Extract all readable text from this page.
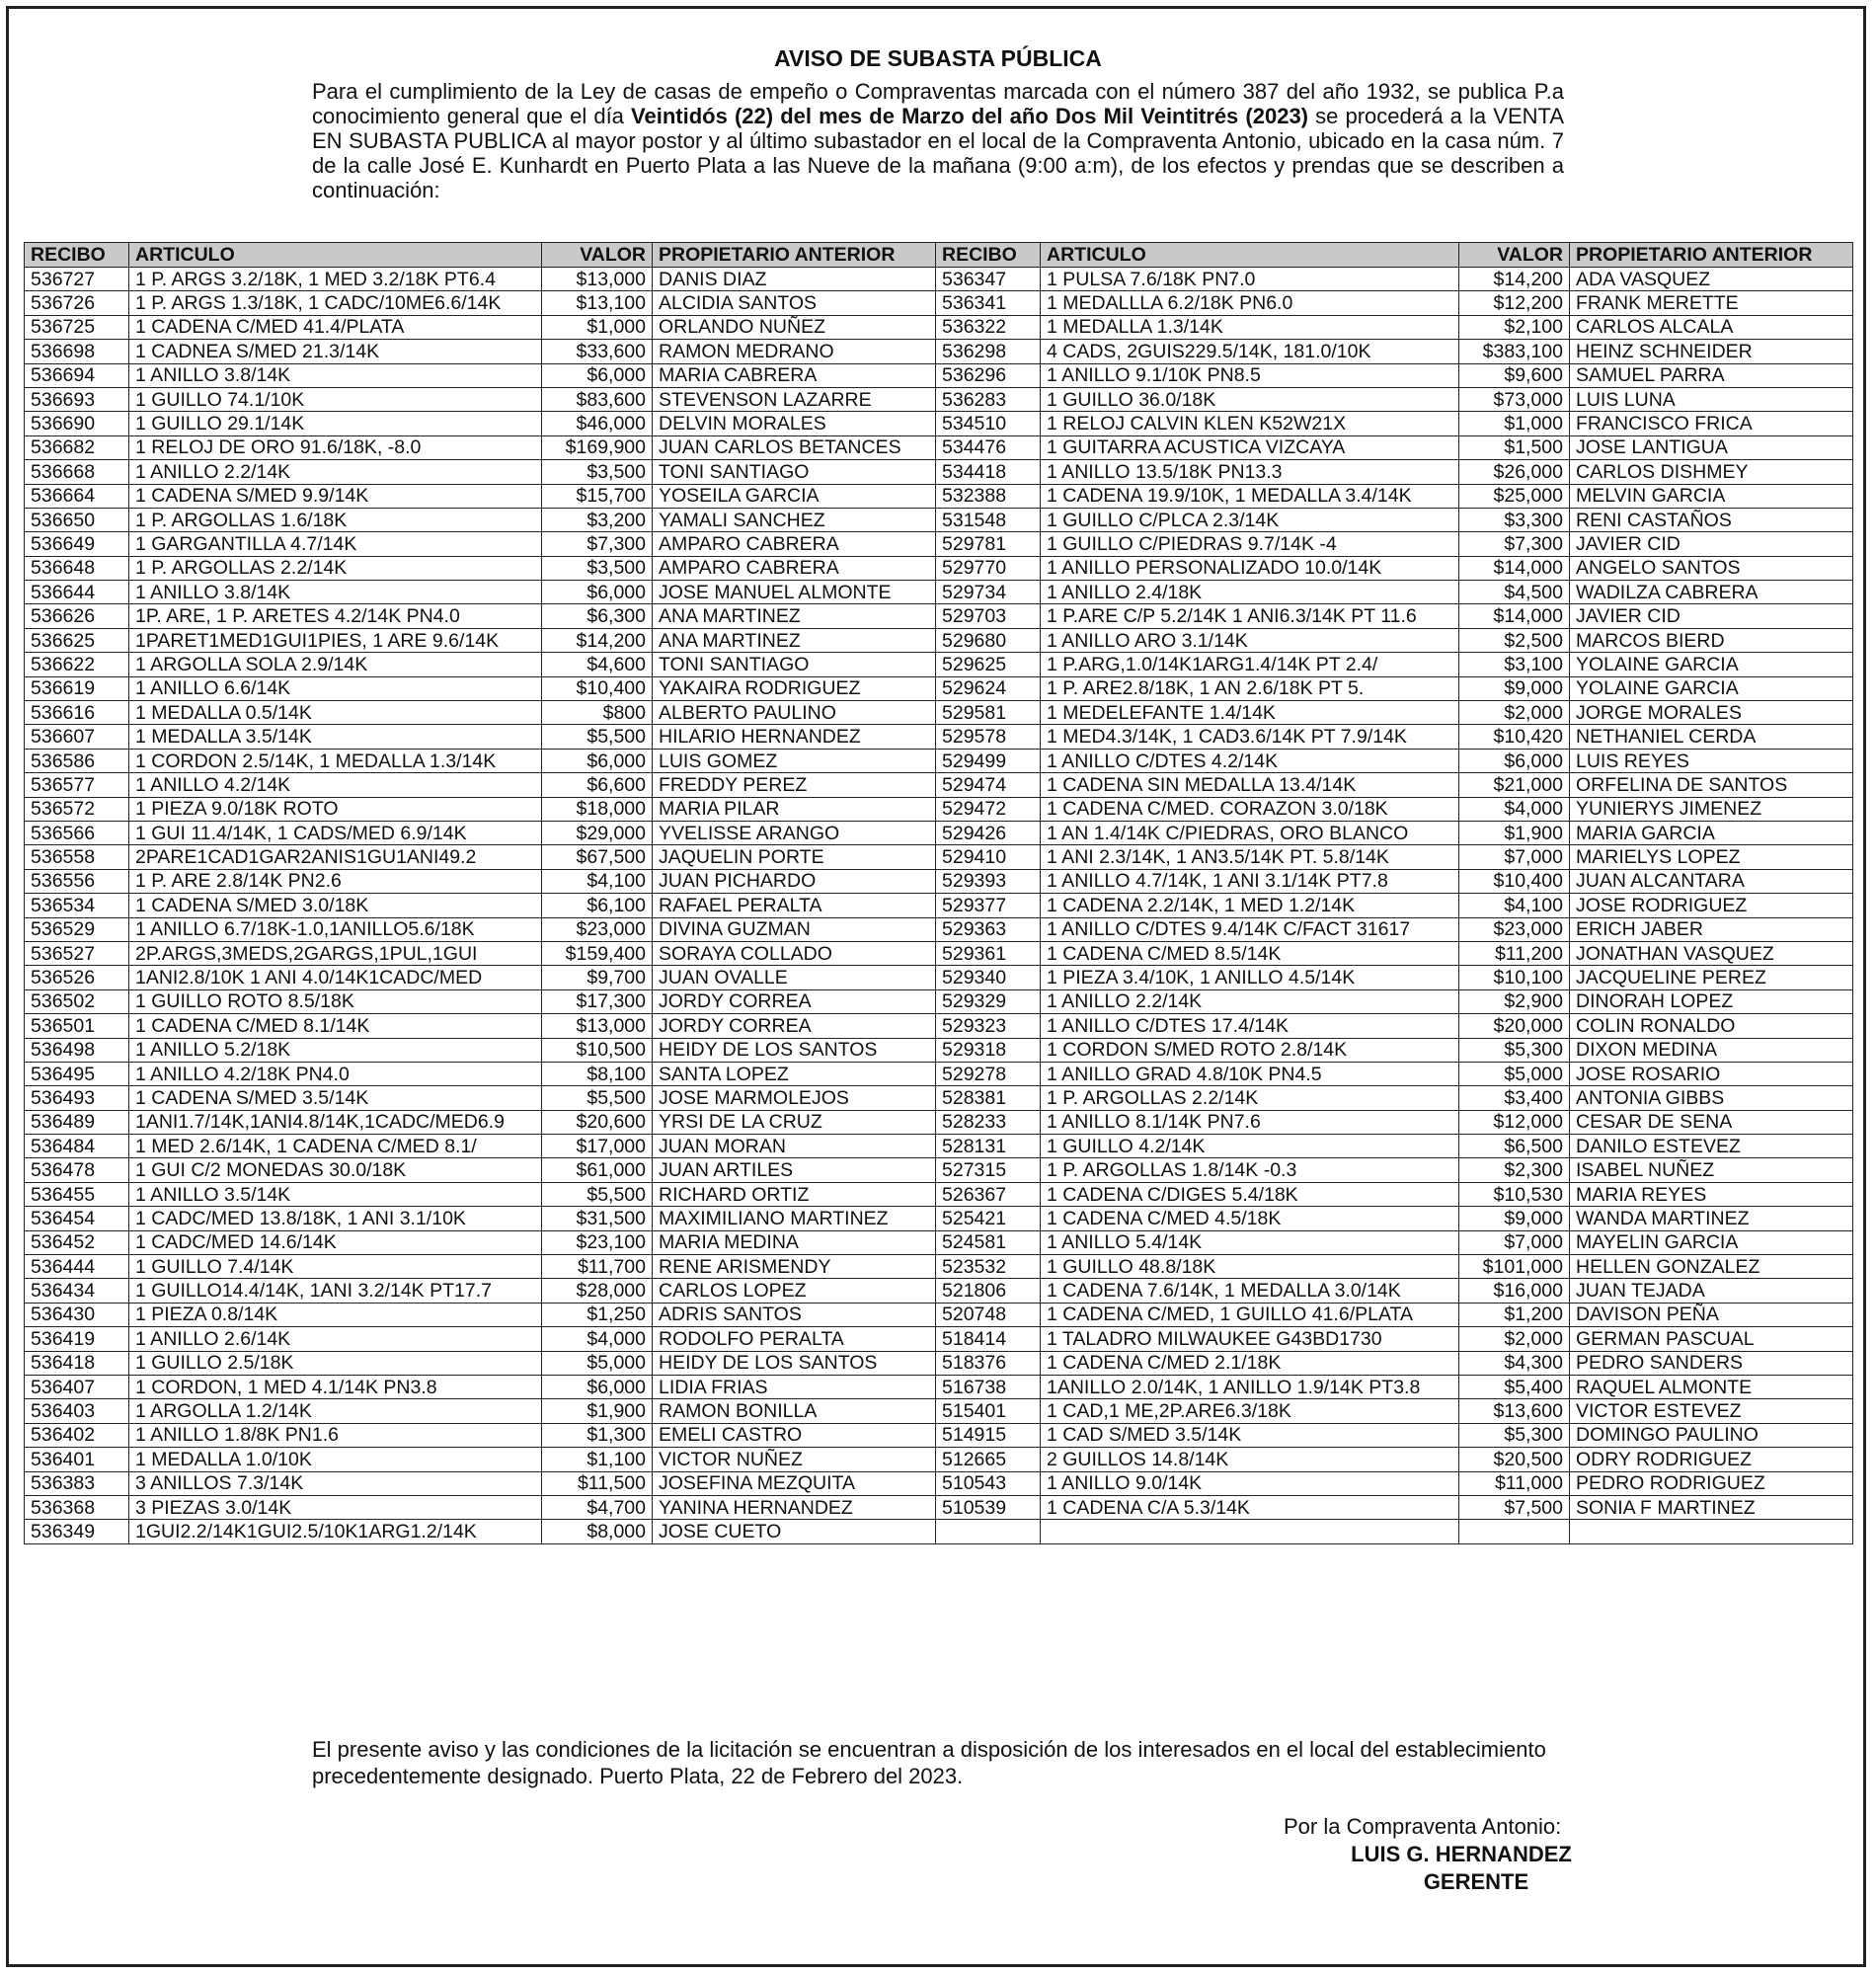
AVISO DE SUBASTA PÚBLICA
Para el cumplimiento de la Ley de casas de empeño o Compraventas marcada con el número 387 del año 1932, se publica P.a conocimiento general que el día Veintidós (22) del mes de Marzo del año Dos Mil Veintitrés (2023) se procederá a la VENTA EN SUBASTA PUBLICA al mayor postor y al último subastador en el local de la Compraventa Antonio, ubicado en la casa núm. 7 de la calle José E. Kunhardt en Puerto Plata a las Nueve de la mañana (9:00 a:m), de los efectos y prendas que se describen a continuación:
RECIBO	ARTICULO	VALOR	PROPIETARIO ANTERIOR	RECIBO	ARTICULO	VALOR	PROPIETARIO ANTERIOR
536727	1 P. ARGS 3.2/18K, 1 MED 3.2/18K PT6.4	$13,000	DANIS DIAZ	536347	1 PULSA 7.6/18K PN7.0	$14,200	ADA VASQUEZ
536726	1 P. ARGS 1.3/18K, 1 CADC/10ME6.6/14K	$13,100	ALCIDIA SANTOS	536341	1 MEDALLLA 6.2/18K PN6.0	$12,200	FRANK MERETTE
536725	1 CADENA C/MED 41.4/PLATA	$1,000	ORLANDO NUÑEZ	536322	1 MEDALLA 1.3/14K	$2,100	CARLOS ALCALA
536698	1 CADNEA S/MED 21.3/14K	$33,600	RAMON MEDRANO	536298	4 CADS, 2GUIS229.5/14K, 181.0/10K	$383,100	HEINZ SCHNEIDER
536694	1 ANILLO 3.8/14K	$6,000	MARIA CABRERA	536296	1 ANILLO 9.1/10K PN8.5	$9,600	SAMUEL PARRA
536693	1 GUILLO 74.1/10K	$83,600	STEVENSON LAZARRE	536283	1 GUILLO 36.0/18K	$73,000	LUIS LUNA
536690	1 GUILLO 29.1/14K	$46,000	DELVIN MORALES	534510	1 RELOJ CALVIN KLEN K52W21X	$1,000	FRANCISCO FRICA
536682	1 RELOJ DE ORO 91.6/18K, -8.0	$169,900	JUAN CARLOS BETANCES	534476	1 GUITARRA ACUSTICA VIZCAYA	$1,500	JOSE LANTIGUA
536668	1 ANILLO 2.2/14K	$3,500	TONI SANTIAGO	534418	1 ANILLO 13.5/18K PN13.3	$26,000	CARLOS DISHMEY
536664	1 CADENA S/MED 9.9/14K	$15,700	YOSEILA GARCIA	532388	1 CADENA 19.9/10K, 1 MEDALLA 3.4/14K	$25,000	MELVIN GARCIA
536650	1 P. ARGOLLAS 1.6/18K	$3,200	YAMALI SANCHEZ	531548	1 GUILLO C/PLCA 2.3/14K	$3,300	RENI CASTAÑOS
536649	1 GARGANTILLA 4.7/14K	$7,300	AMPARO CABRERA	529781	1 GUILLO C/PIEDRAS 9.7/14K -4	$7,300	JAVIER CID
536648	1 P. ARGOLLAS 2.2/14K	$3,500	AMPARO CABRERA	529770	1 ANILLO PERSONALIZADO 10.0/14K	$14,000	ANGELO SANTOS
536644	1 ANILLO 3.8/14K	$6,000	JOSE MANUEL ALMONTE	529734	1 ANILLO 2.4/18K	$4,500	WADILZA CABRERA
536626	1P. ARE, 1 P. ARETES 4.2/14K PN4.0	$6,300	ANA MARTINEZ	529703	1 P.ARE C/P 5.2/14K 1 ANI6.3/14K PT 11.6	$14,000	JAVIER CID
536625	1PARET1MED1GUI1PIES, 1 ARE 9.6/14K	$14,200	ANA MARTINEZ	529680	1 ANILLO ARO 3.1/14K	$2,500	MARCOS BIERD
536622	1 ARGOLLA SOLA 2.9/14K	$4,600	TONI SANTIAGO	529625	1 P.ARG,1.0/14K1ARG1.4/14K PT 2.4/	$3,100	YOLAINE GARCIA
536619	1 ANILLO 6.6/14K	$10,400	YAKAIRA RODRIGUEZ	529624	1 P. ARE2.8/18K, 1 AN 2.6/18K PT 5.	$9,000	YOLAINE GARCIA
536616	1 MEDALLA 0.5/14K	$800	ALBERTO PAULINO	529581	1 MEDELEFANTE 1.4/14K	$2,000	JORGE MORALES
536607	1 MEDALLA 3.5/14K	$5,500	HILARIO HERNANDEZ	529578	1 MED4.3/14K, 1 CAD3.6/14K PT 7.9/14K	$10,420	NETHANIEL CERDA
536586	1 CORDON 2.5/14K, 1 MEDALLA 1.3/14K	$6,000	LUIS GOMEZ	529499	1 ANILLO C/DTES 4.2/14K	$6,000	LUIS REYES
536577	1 ANILLO 4.2/14K	$6,600	FREDDY PEREZ	529474	1 CADENA SIN MEDALLA 13.4/14K	$21,000	ORFELINA DE SANTOS
536572	1 PIEZA 9.0/18K ROTO	$18,000	MARIA PILAR	529472	1 CADENA C/MED. CORAZON 3.0/18K	$4,000	YUNIERYS JIMENEZ
536566	1 GUI 11.4/14K, 1 CADS/MED 6.9/14K	$29,000	YVELISSE ARANGO	529426	1 AN 1.4/14K C/PIEDRAS, ORO BLANCO	$1,900	MARIA GARCIA
536558	2PARE1CAD1GAR2ANIS1GU1ANI49.2	$67,500	JAQUELIN PORTE	529410	1 ANI 2.3/14K, 1 AN3.5/14K PT. 5.8/14K	$7,000	MARIELYS LOPEZ
536556	1 P. ARE 2.8/14K PN2.6	$4,100	JUAN PICHARDO	529393	1 ANILLO 4.7/14K, 1 ANI 3.1/14K PT7.8	$10,400	JUAN ALCANTARA
536534	1 CADENA S/MED 3.0/18K	$6,100	RAFAEL PERALTA	529377	1 CADENA 2.2/14K, 1 MED 1.2/14K	$4,100	JOSE RODRIGUEZ
536529	1 ANILLO 6.7/18K-1.0,1ANILLO5.6/18K	$23,000	DIVINA GUZMAN	529363	1 ANILLO C/DTES 9.4/14K C/FACT 31617	$23,000	ERICH JABER
536527	2P.ARGS,3MEDS,2GARGS,1PUL,1GUI	$159,400	SORAYA COLLADO	529361	1 CADENA C/MED 8.5/14K	$11,200	JONATHAN VASQUEZ
536526	1ANI2.8/10K 1 ANI 4.0/14K1CADC/MED	$9,700	JUAN OVALLE	529340	1 PIEZA 3.4/10K, 1 ANILLO 4.5/14K	$10,100	JACQUELINE PEREZ
536502	1 GUILLO ROTO 8.5/18K	$17,300	JORDY CORREA	529329	1 ANILLO 2.2/14K	$2,900	DINORAH LOPEZ
536501	1 CADENA C/MED 8.1/14K	$13,000	JORDY CORREA	529323	1 ANILLO C/DTES 17.4/14K	$20,000	COLIN RONALDO
536498	1 ANILLO 5.2/18K	$10,500	HEIDY DE LOS SANTOS	529318	1 CORDON S/MED ROTO 2.8/14K	$5,300	DIXON MEDINA
536495	1 ANILLO 4.2/18K PN4.0	$8,100	SANTA LOPEZ	529278	1 ANILLO GRAD 4.8/10K PN4.5	$5,000	JOSE ROSARIO
536493	1 CADENA S/MED 3.5/14K	$5,500	JOSE MARMOLEJOS	528381	1 P. ARGOLLAS 2.2/14K	$3,400	ANTONIA GIBBS
536489	1ANI1.7/14K,1ANI4.8/14K,1CADC/MED6.9	$20,600	YRSI DE LA CRUZ	528233	1 ANILLO 8.1/14K PN7.6	$12,000	CESAR DE SENA
536484	1 MED 2.6/14K, 1 CADENA C/MED 8.1/	$17,000	JUAN MORAN	528131	1 GUILLO 4.2/14K	$6,500	DANILO ESTEVEZ
536478	1 GUI C/2 MONEDAS 30.0/18K	$61,000	JUAN ARTILES	527315	1 P. ARGOLLAS 1.8/14K -0.3	$2,300	ISABEL NUÑEZ
536455	1 ANILLO 3.5/14K	$5,500	RICHARD ORTIZ	526367	1 CADENA C/DIGES 5.4/18K	$10,530	MARIA REYES
536454	1 CADC/MED 13.8/18K, 1 ANI 3.1/10K	$31,500	MAXIMILIANO MARTINEZ	525421	1 CADENA C/MED 4.5/18K	$9,000	WANDA MARTINEZ
536452	1 CADC/MED 14.6/14K	$23,100	MARIA MEDINA	524581	1 ANILLO 5.4/14K	$7,000	MAYELIN GARCIA
536444	1 GUILLO 7.4/14K	$11,700	RENE ARISMENDY	523532	1 GUILLO 48.8/18K	$101,000	HELLEN GONZALEZ
536434	1 GUILLO14.4/14K, 1ANI 3.2/14K PT17.7	$28,000	CARLOS LOPEZ	521806	1 CADENA 7.6/14K, 1 MEDALLA 3.0/14K	$16,000	JUAN TEJADA
536430	1 PIEZA 0.8/14K	$1,250	ADRIS SANTOS	520748	1 CADENA C/MED, 1 GUILLO 41.6/PLATA	$1,200	DAVISON PEÑA
536419	1 ANILLO 2.6/14K	$4,000	RODOLFO PERALTA	518414	1 TALADRO MILWAUKEE G43BD1730	$2,000	GERMAN PASCUAL
536418	1 GUILLO 2.5/18K	$5,000	HEIDY DE LOS SANTOS	518376	1 CADENA C/MED 2.1/18K	$4,300	PEDRO SANDERS
536407	1 CORDON, 1 MED 4.1/14K PN3.8	$6,000	LIDIA FRIAS	516738	1ANILLO 2.0/14K, 1 ANILLO 1.9/14K PT3.8	$5,400	RAQUEL ALMONTE
536403	1 ARGOLLA 1.2/14K	$1,900	RAMON BONILLA	515401	1 CAD,1 ME,2P.ARE6.3/18K	$13,600	VICTOR ESTEVEZ
536402	1 ANILLO 1.8/8K PN1.6	$1,300	EMELI CASTRO	514915	1 CAD S/MED 3.5/14K	$5,300	DOMINGO PAULINO
536401	1 MEDALLA 1.0/10K	$1,100	VICTOR NUÑEZ	512665	2 GUILLOS 14.8/14K	$20,500	ODRY RODRIGUEZ
536383	3 ANILLOS 7.3/14K	$11,500	JOSEFINA MEZQUITA	510543	1 ANILLO 9.0/14K	$11,000	PEDRO RODRIGUEZ
536368	3 PIEZAS 3.0/14K	$4,700	YANINA HERNANDEZ	510539	1 CADENA C/A 5.3/14K	$7,500	SONIA F MARTINEZ
536349	1GUI2.2/14K1GUI2.5/10K1ARG1.2/14K	$8,000	JOSE CUETO				
El presente aviso y las condiciones de la licitación se encuentran a disposición de los interesados en el local del establecimiento precedentemente designado. Puerto Plata, 22 de Febrero del 2023.
Por la Compraventa Antonio:
LUIS G. HERNANDEZ
GERENTE
